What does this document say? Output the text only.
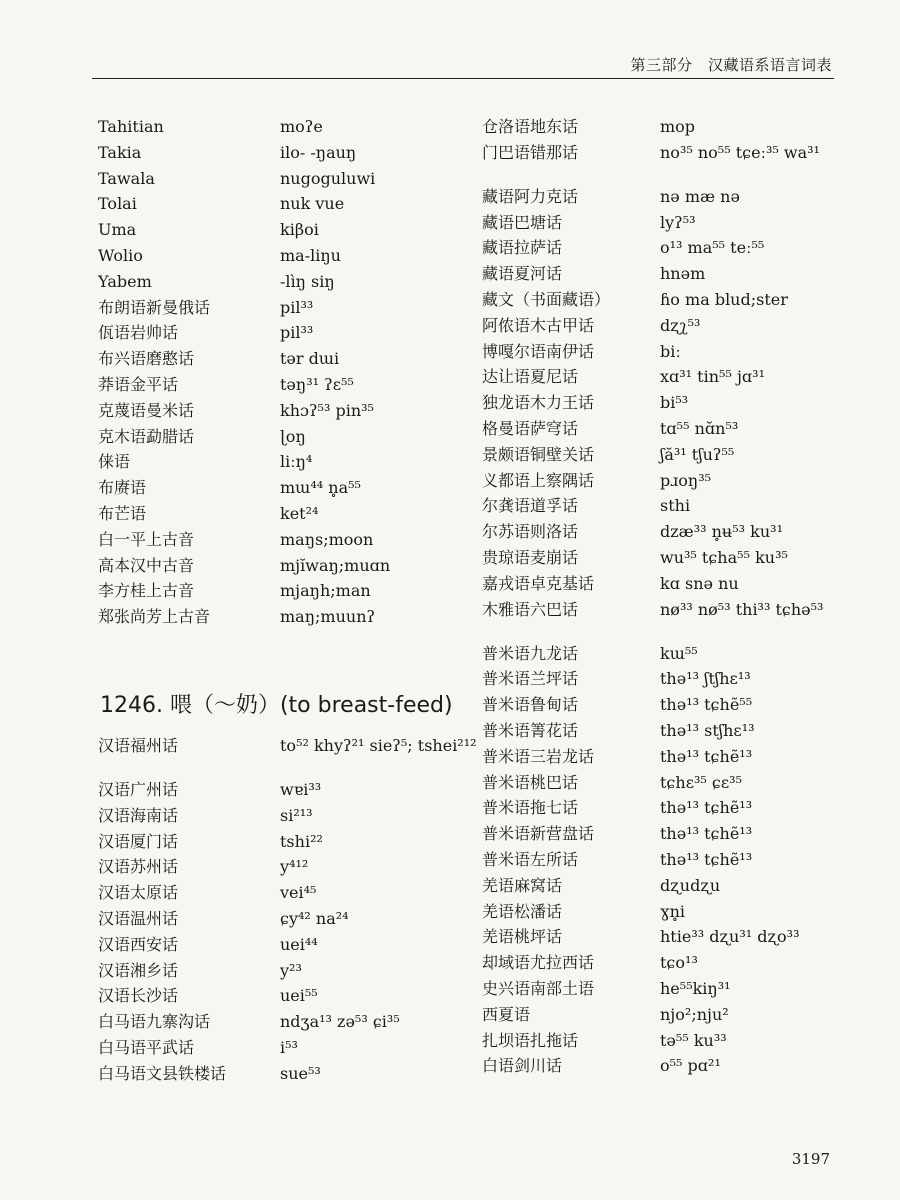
第三部分　汉藏语系语言词表
Tahitian	moʔe
Takia	ilo- -ŋauŋ
Tawala	nugoguluwi
Tolai	nuk vue
Uma	kiβoi
Wolio	ma-liŋu
Yabem	-lìŋ siŋ
布朗语新曼俄话	pil³³
佤语岩帅话	pil³³
布兴语磨憨话	tər dɯi
莽语金平话	təŋ³¹ ʔɛ⁵⁵
克蔑语曼米话	khɔʔ⁵³ pin³⁵
克木语勐腊话	ɭoŋ
俫语	liːŋ⁴
布赓语	mɯ⁴⁴ n̥a⁵⁵
布芒语	ket²⁴
白一平上古音	maŋs;moon
高本汉中古音	mjĭwaŋ;muɑn
李方桂上古音	mjaŋh;man
郑张尚芳上古音	maŋ;muunʔ
1246. 喂（～奶）(to breast-feed)
汉语福州话	to⁵² khyʔ²¹ sieʔ⁵; tshei²¹²
汉语广州话	wɐi³³
汉语海南话	si²¹³
汉语厦门话	tshi²²
汉语苏州话	y⁴¹²
汉语太原话	vei⁴⁵
汉语温州话	ɕy⁴² na²⁴
汉语西安话	uei⁴⁴
汉语湘乡话	y²³
汉语长沙话	uei⁵⁵
白马语九寨沟话	ndʒa¹³ zə⁵³ ɕi³⁵
白马语平武话	i⁵³
白马语文县铁楼话	sue⁵³
仓洛语地东话	mop
门巴语错那话	no³⁵ no⁵⁵ tɕeː³⁵ wa³¹
藏语阿力克话	nə mæ nə
藏语巴塘话	lyʔ⁵³
藏语拉萨话	o¹³ ma⁵⁵ teː⁵⁵
藏语夏河话	hnəm
藏文（书面藏语）	ɦo ma blud;ster
阿侬语木古甲话	dʐʅ⁵³
博嘎尔语南伊话	biː
达让语夏尼话	xɑ³¹ tin⁵⁵ jɑ³¹
独龙语木力王话	bi⁵³
格曼语萨穹话	tɑ⁵⁵ nɑ̆n⁵³
景颇语铜壁关话	ʃă³¹ tʃuʔ⁵⁵
义都语上察隅话	pɹoŋ³⁵
尔龚语道孚话	sthi
尔苏语则洛话	dzæ³³ n̥ʉ⁵³ ku³¹
贵琼语麦崩话	wu³⁵ tɕha⁵⁵ ku³⁵
嘉戎语卓克基话	kɑ snə nu
木雅语六巴话	nø³³ nø⁵³ thi³³ tɕhə⁵³
普米语九龙话	kɯ⁵⁵
普米语兰坪话	thə¹³ ʃtʃhɛ¹³
普米语鲁甸话	thə¹³ tɕhẽ⁵⁵
普米语箐花话	thə¹³ stʃhɛ¹³
普米语三岩龙话	thə¹³ tɕhẽ¹³
普米语桃巴话	tɕhɛ³⁵ ɕɛ³⁵
普米语拖七话	thə¹³ tɕhẽ¹³
普米语新营盘话	thə¹³ tɕhẽ¹³
普米语左所话	thə¹³ tɕhẽ¹³
羌语麻窝话	dʐudʐu
羌语松潘话	ɣn̥i
羌语桃坪话	htie³³ dʐu³¹ dʐo³³
却域语尤拉西话	tɕo¹³
史兴语南部土语	he⁵⁵kiŋ³¹
西夏语	njo²;nju²
扎坝语扎拖话	tə⁵⁵ ku³³
白语剑川话	o⁵⁵ pɑ²¹
3197
